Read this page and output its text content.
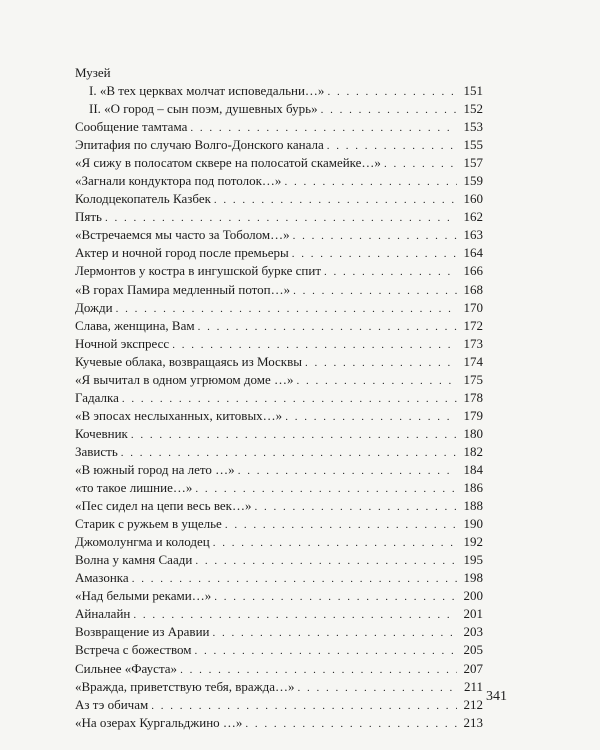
Музей
I. «В тех церквах молчат исповедальни…» . . .	151
II. «О город – сын поэм, душевных бурь» . . .	152
Сообщение тамтама . . .	153
Эпитафия по случаю Волго-Донского канала . . .	155
«Я сижу в полосатом сквере на полосатой скамейке…» . . .	157
«Загнали кондуктора под потолок…» . . .	159
Колодцекопатель Казбек . . .	160
Пять . . .	162
«Встречаемся мы часто за Тоболом…» . . .	163
Актер и ночной город после премьеры . . .	164
Лермонтов у костра в ингушской бурке спит . . .	166
«В горах Памира медленный потоп…» . . .	168
Дожди . . .	170
Слава, женщина, Вам . . .	172
Ночной экспресс . . .	173
Кучевые облака, возвращаясь из Москвы . . .	174
«Я вычитал в одном угрюмом доме …» . . .	175
Гадалка . . .	178
«В эпосах неслыханных, китовых…» . . .	179
Кочевник . . .	180
Зависть . . .	182
«В южный город на лето …» . . .	184
«то такое лишние…» . . .	186
«Пес сидел на цепи весь век…» . . .	188
Старик с ружьем в ущелье . . .	190
Джомолунгма и колодец . . .	192
Волна у камня Саади . . .	195
Амазонка . . .	198
«Над белыми реками…» . . .	200
Айналайн . . .	201
Возвращение из Аравии . . .	203
Встреча с божеством . . .	205
Сильнее «Фауста» . . .	207
«Вражда, приветствую тебя, вражда…» . . .	211
Аз тэ обичам . . .	212
«На озерах Кургальджино …» . . .	213
341
